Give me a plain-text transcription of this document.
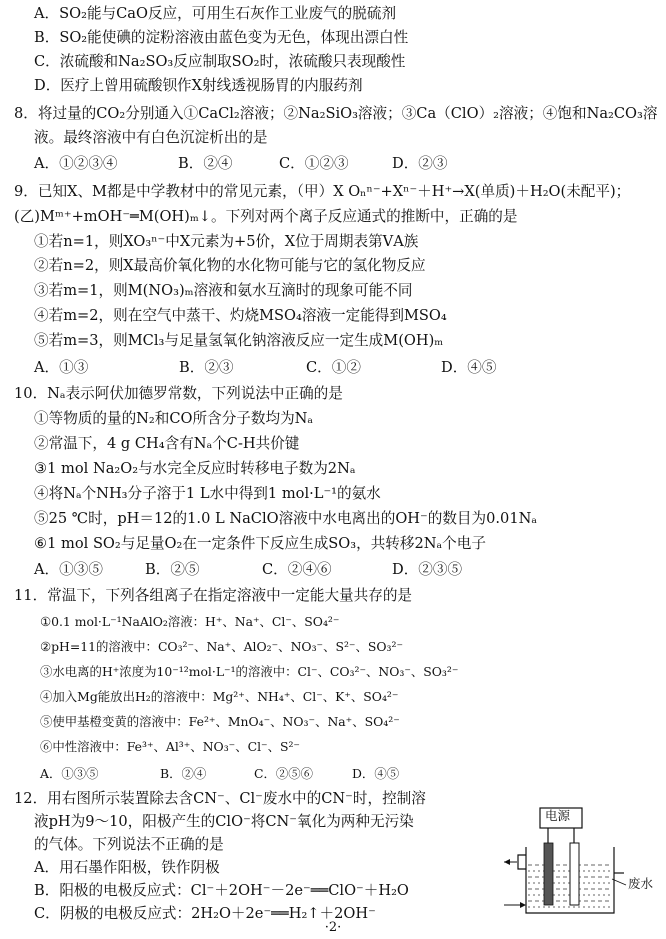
A．SO₂能与CaO反应，可用生石灰作工业废气的脱硫剂
B．SO₂能使碘的淀粉溶液由蓝色变为无色，体现出漂白性
C．浓硫酸和Na₂SO₃反应制取SO₂时，浓硫酸只表现酸性
D．医疗上曾用硫酸钡作X射线透视肠胃的内服药剂
8．将过量的CO₂分别通入①CaCl₂溶液；②Na₂SiO₃溶液；③Ca（ClO）₂溶液；④饱和Na₂CO₃溶
液。最终溶液中有白色沉淀析出的是
A．①②③④	B．②④	C．①②③	D．②③
9．已知X、M都是中学教材中的常见元素，（甲）X Oₙⁿ⁻+Xⁿ⁻＋H⁺→X(单质)＋H₂O(未配平)；
(乙)Mᵐ⁺+mOH⁻═M(OH)ₘ↓。下列对两个离子反应通式的推断中，正确的是
①若n=1，则XO₃ⁿ⁻中X元素为+5价，X位于周期表第ⅤA族
②若n=2，则X最高价氧化物的水化物可能与它的氢化物反应
③若m=1，则M(NO₃)ₘ溶液和氨水互滴时的现象可能不同
④若m=2，则在空气中蒸干、灼烧MSO₄溶液一定能得到MSO₄
⑤若m=3，则MCl₃与足量氢氧化钠溶液反应一定生成M(OH)ₘ
A．①③	B．②③	C．①②	D．④⑤
10．Nₐ表示阿伏加德罗常数，下列说法中正确的是
①等物质的量的N₂和CO所含分子数均为Nₐ
②常温下，4 g CH₄含有Nₐ个C-H共价键
③1 mol Na₂O₂与水完全反应时转移电子数为2Nₐ
④将Nₐ个NH₃分子溶于1 L水中得到1 mol·L⁻¹的氨水
⑤25 ℃时，pH＝12的1.0 L NaClO溶液中水电离出的OH⁻的数目为0.01Nₐ
⑥1 mol SO₂与足量O₂在一定条件下反应生成SO₃，共转移2Nₐ个电子
A．①③⑤	B．②⑤	C．②④⑥	D．②③⑤
11．常温下，下列各组离子在指定溶液中一定能大量共存的是
①0.1 mol·L⁻¹NaAlO₂溶液：H⁺、Na⁺、Cl⁻、SO₄²⁻
②pH=11的溶液中：CO₃²⁻、Na⁺、AlO₂⁻、NO₃⁻、S²⁻、SO₃²⁻
③水电离的H⁺浓度为10⁻¹²mol·L⁻¹的溶液中：Cl⁻、CO₃²⁻、NO₃⁻、SO₃²⁻
④加入Mg能放出H₂的溶液中：Mg²⁺、NH₄⁺、Cl⁻、K⁺、SO₄²⁻
⑤使甲基橙变黄的溶液中：Fe²⁺、MnO₄⁻、NO₃⁻、Na⁺、SO₄²⁻
⑥中性溶液中：Fe³⁺、Al³⁺、NO₃⁻、Cl⁻、S²⁻
A．①③⑤	B．②④	C．②⑤⑥	D．④⑤
12．用右图所示装置除去含CN⁻、Cl⁻废水中的CN⁻时，控制溶
液pH为9～10，阳极产生的ClO⁻将CN⁻氧化为两种无污染
的气体。下列说法不正确的是
A．用石墨作阳极，铁作阴极
B．阳极的电极反应式：Cl⁻＋2OH⁻－2e⁻══ClO⁻＋H₂O
C．阴极的电极反应式：2H₂O＋2e⁻══H₂↑＋2OH⁻
电源
废水
·2·
